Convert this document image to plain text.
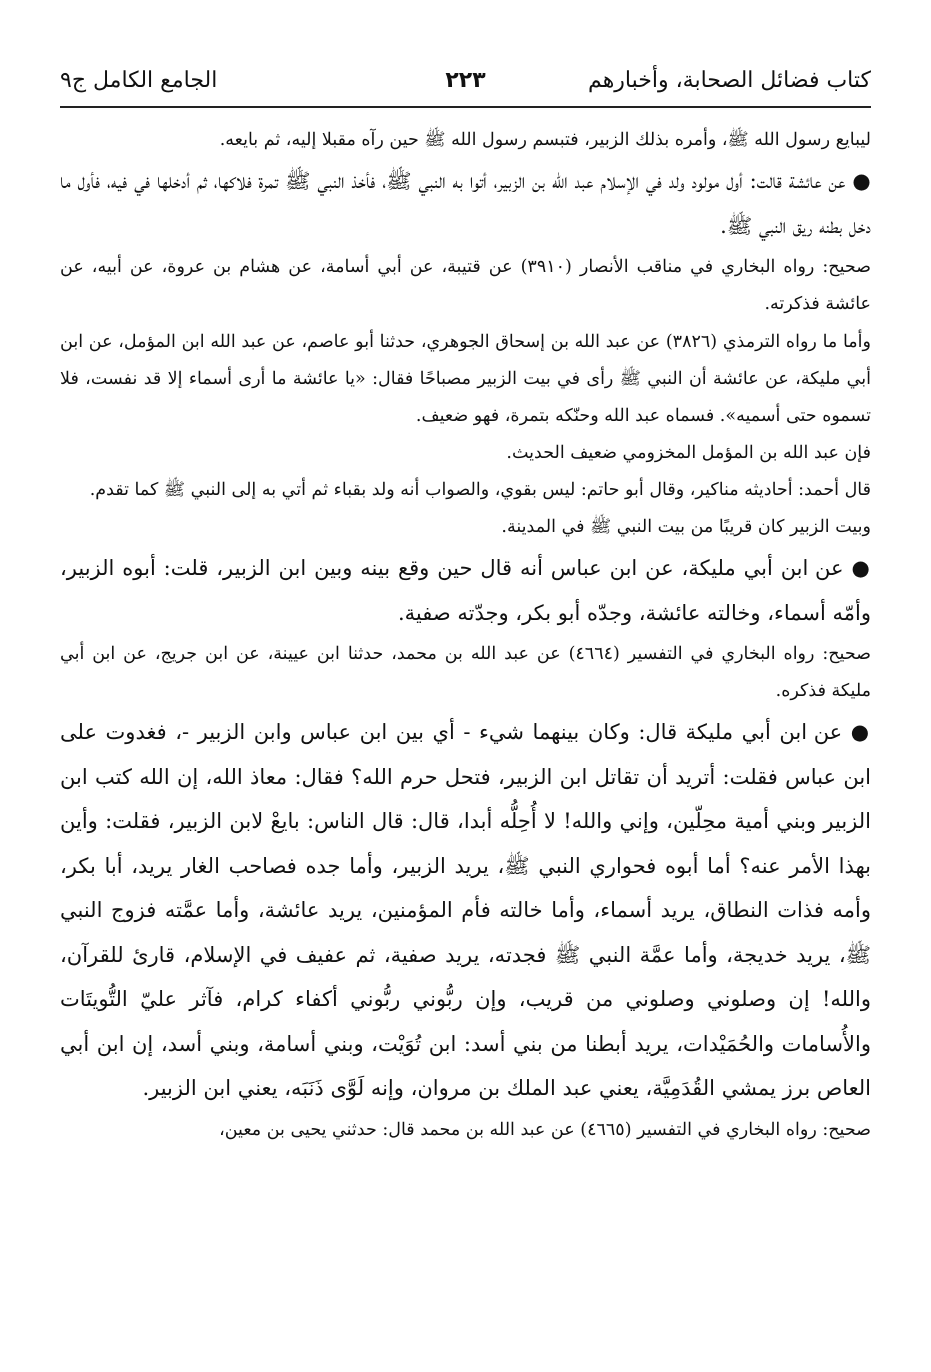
كتاب فضائل الصحابة، وأخبارهم
٢٢٣
الجامع الكامل ج٩

ليبايع رسول الله ﷺ، وأمره بذلك الزبير، فتبسم رسول الله ﷺ حين رآه مقبلا إليه، ثم بايعه.

● عن عائشة قالت: أول مولود ولد في الإسلام عبد الله بن الزبير، أتوا به النبي ﷺ، فأخذ النبي ﷺ تمرة فلاكها، ثم أدخلها في فيه، فأول ما دخل بطنه ريق النبي ﷺ.

صحيح: رواه البخاري في مناقب الأنصار (٣٩١٠) عن قتيبة، عن أبي أسامة، عن هشام بن عروة، عن أبيه، عن عائشة فذكرته.

وأما ما رواه الترمذي (٣٨٢٦) عن عبد الله بن إسحاق الجوهري، حدثنا أبو عاصم، عن عبد الله ابن المؤمل، عن ابن أبي مليكة، عن عائشة أن النبي ﷺ رأى في بيت الزبير مصباحًا فقال: «يا عائشة ما أرى أسماء إلا قد نفست، فلا تسموه حتى أسميه». فسماه عبد الله وحنّكه بتمرة، فهو ضعيف.

فإن عبد الله بن المؤمل المخزومي ضعيف الحديث.

قال أحمد: أحاديثه مناكير، وقال أبو حاتم: ليس بقوي، والصواب أنه ولد بقباء ثم أتي به إلى النبي ﷺ كما تقدم.

وبيت الزبير كان قريبًا من بيت النبي ﷺ في المدينة.

● عن ابن أبي مليكة، عن ابن عباس أنه قال حين وقع بينه وبين ابن الزبير، قلت: أبوه الزبير، وأمّه أسماء، وخالته عائشة، وجدّه أبو بكر، وجدّته صفية.

صحيح: رواه البخاري في التفسير (٤٦٦٤) عن عبد الله بن محمد، حدثنا ابن عيينة، عن ابن جريج، عن ابن أبي مليكة فذكره.

● عن ابن أبي مليكة قال: وكان بينهما شيء - أي بين ابن عباس وابن الزبير -، فغدوت على ابن عباس فقلت: أتريد أن تقاتل ابن الزبير، فتحل حرم الله؟ فقال: معاذ الله، إن الله كتب ابن الزبير وبني أمية محِلّين، وإني والله! لا أُحِلُّه أبدا، قال: قال الناس: بايعْ لابن الزبير، فقلت: وأين بهذا الأمر عنه؟ أما أبوه فحواري النبي ﷺ، يريد الزبير، وأما جده فصاحب الغار يريد، أبا بكر، وأمه فذات النطاق، يريد أسماء، وأما خالته فأم المؤمنين، يريد عائشة، وأما عمَّته فزوج النبي ﷺ، يريد خديجة، وأما عمَّة النبي ﷺ فجدته، يريد صفية، ثم عفيف في الإسلام، قارئ للقرآن، والله! إن وصلوني وصلوني من قريب، وإن ربُّوني ربُّوني أكفاء كرام، فآثر عليّ التُّويتَات والأُسامات والحُمَيْدات، يريد أبطنا من بني أسد: ابن تُوَيْت، وبني أسامة، وبني أسد، إن ابن أبي العاص برز يمشي القُدَمِيَّة، يعني عبد الملك بن مروان، وإنه لَوَّى ذَنَبَه، يعني ابن الزبير.

صحيح: رواه البخاري في التفسير (٤٦٦٥) عن عبد الله بن محمد قال: حدثني يحيى بن معين،
